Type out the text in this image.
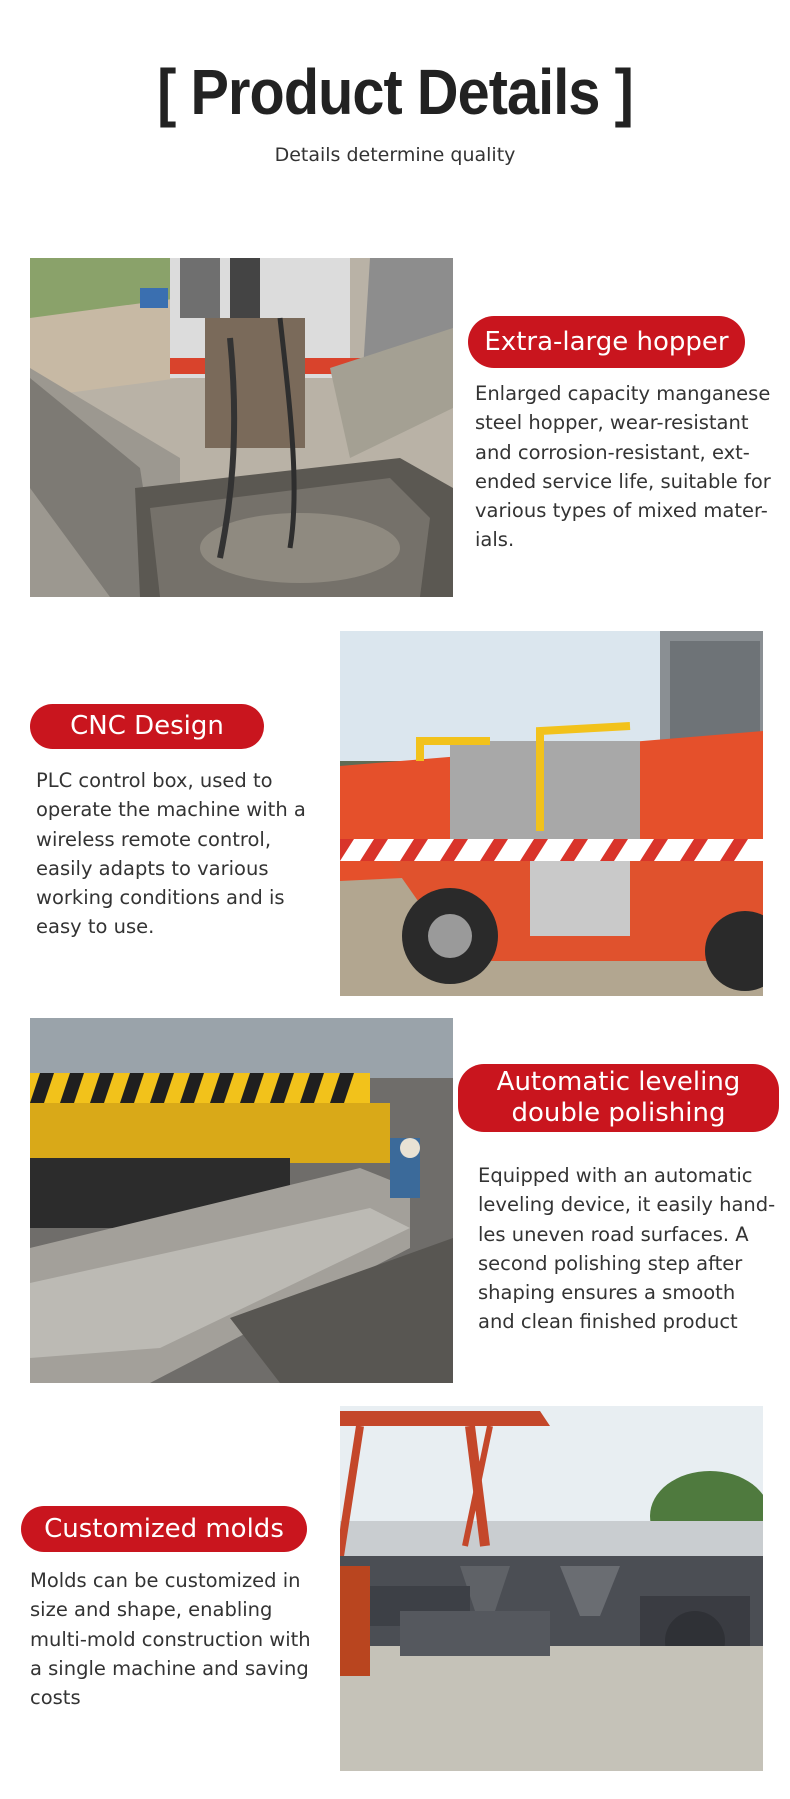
[ Product Details ]
Details determine quality
Extra-large hopper
Enlarged capacity manganese steel hopper, wear-resistant and corrosion-resistant, ext-ended service life, suitable for various types of mixed mater-ials.
CNC Design
PLC control box, used to operate the machine with a wireless remote control, easily adapts to various working conditions and is easy to use.
Automatic leveling double polishing
Equipped with an automatic leveling device, it easily hand-les uneven road surfaces. A second polishing step after shaping ensures a smooth and clean finished product
Customized molds
Molds can be customized in size and shape, enabling multi-mold construction with a single machine and saving costs
